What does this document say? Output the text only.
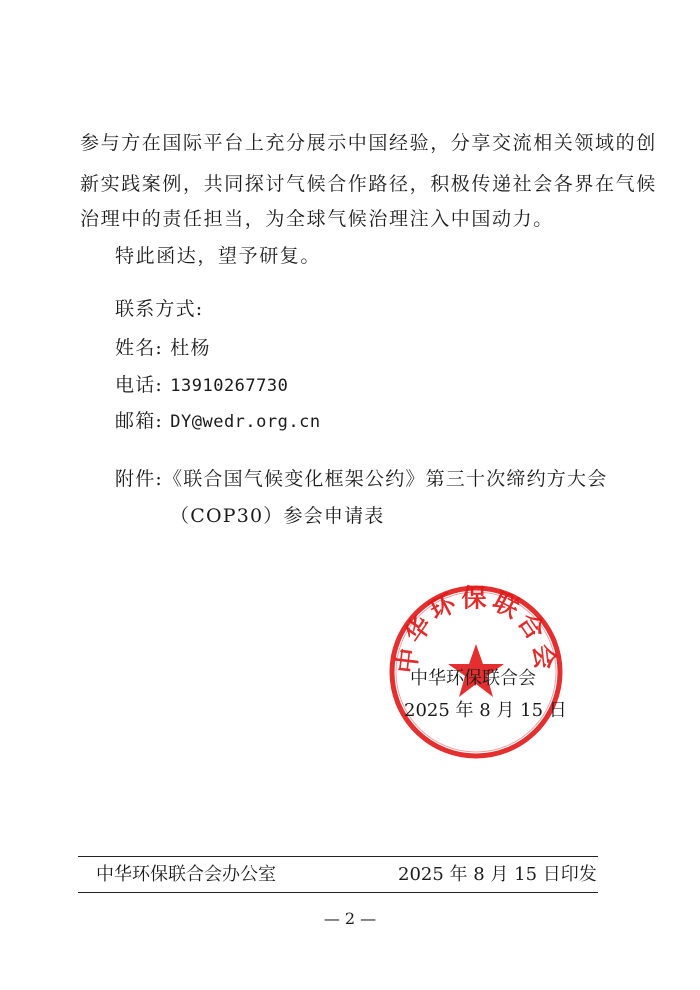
参与方在国际平台上充分展示中国经验，分享交流相关领域的创
新实践案例，共同探讨气候合作路径，积极传递社会各界在气候
治理中的责任担当，为全球气候治理注入中国动力。
特此函达，望予研复。
联系方式:
姓名: 杜杨
电话: 13910267730
邮箱: DY@wedr.org.cn
附件:《联合国气候变化框架公约》第三十次缔约方大会
（COP30）参会申请表
中华环保联合会
中华环保联合会
2025 年 8 月 15 日
中华环保联合会办公室	2025 年 8 月 15 日印发
— 2 —
